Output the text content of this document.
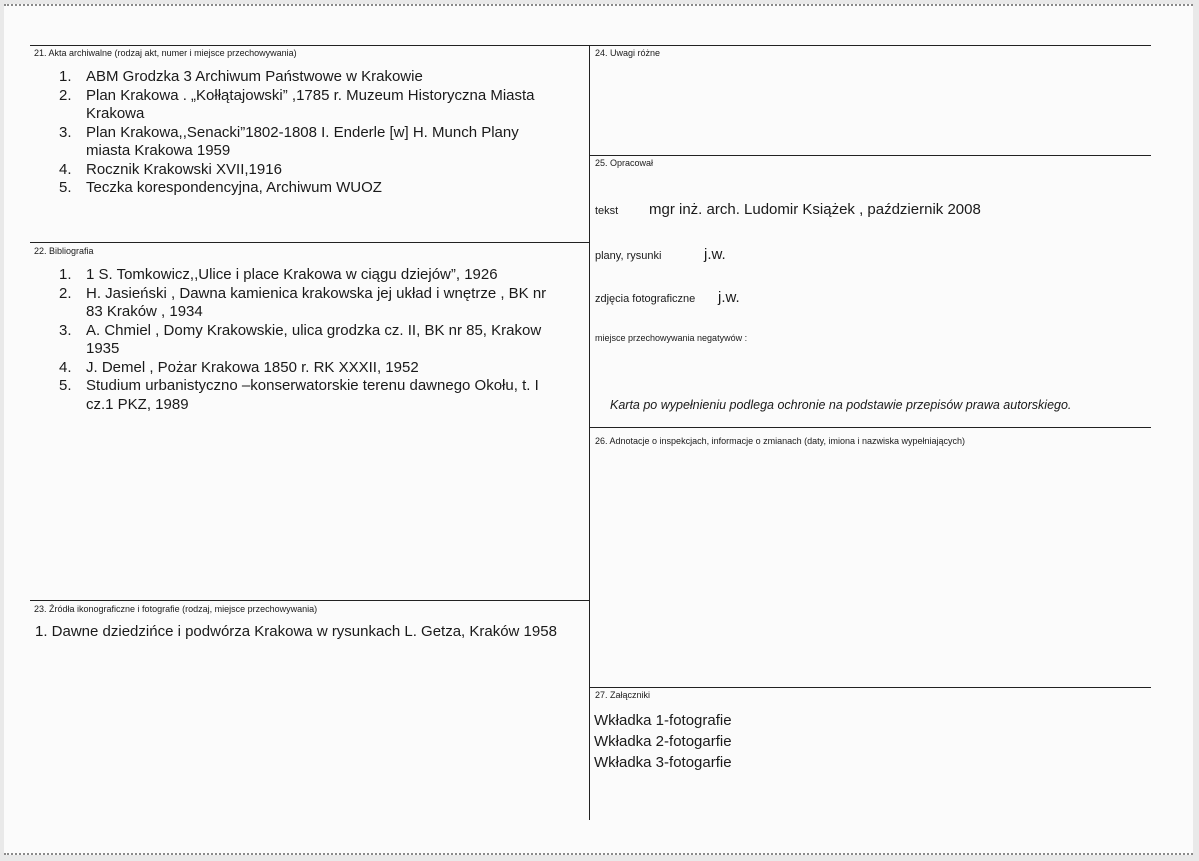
21. Akta archiwalne (rodzaj akt, numer i miejsce przechowywania)
1. ABM Grodzka 3 Archiwum Państwowe w Krakowie
2. Plan Krakowa . „Kołłątajowski” ,1785 r. Muzeum Historyczna Miasta
Krakowa
3. Plan Krakowa,,Senacki”1802-1808 I. Enderle [w] H. Munch Plany
miasta Krakowa 1959
4. Rocznik Krakowski XVII,1916
5. Teczka korespondencyjna, Archiwum WUOZ
22. Bibliografia
1. 1 S. Tomkowicz,,Ulice i place Krakowa w ciągu dziejów”, 1926
2. H. Jasieński , Dawna kamienica krakowska jej układ i wnętrze , BK nr
83 Kraków , 1934
3. A. Chmiel , Domy Krakowskie, ulica grodzka cz. II, BK nr 85, Krakow
1935
4. J. Demel , Pożar Krakowa 1850 r. RK XXXII, 1952
5. Studium urbanistyczno –konserwatorskie terenu dawnego Okołu, t. I
cz.1 PKZ, 1989
23. Źródła ikonograficzne i fotografie (rodzaj, miejsce przechowywania)
1. Dawne dziedzińce i podwórza Krakowa w rysunkach L. Getza, Kraków 1958
24. Uwagi różne
25. Opracował
tekst mgr inż. arch. Ludomir Książek , październik 2008
plany, rysunki	j.w.
zdjęcia fotograficzne j.w.
miejsce przechowywania negatywów :
Karta po wypełnieniu podlega ochronie na podstawie przepisów prawa autorskiego.
26. Adnotacje o inspekcjach, informacje o zmianach (daty, imiona i nazwiska wypełniających)
27. Załączniki
Wkładka 1-fotografie
Wkładka 2-fotogarfie
Wkładka 3-fotogarfie
